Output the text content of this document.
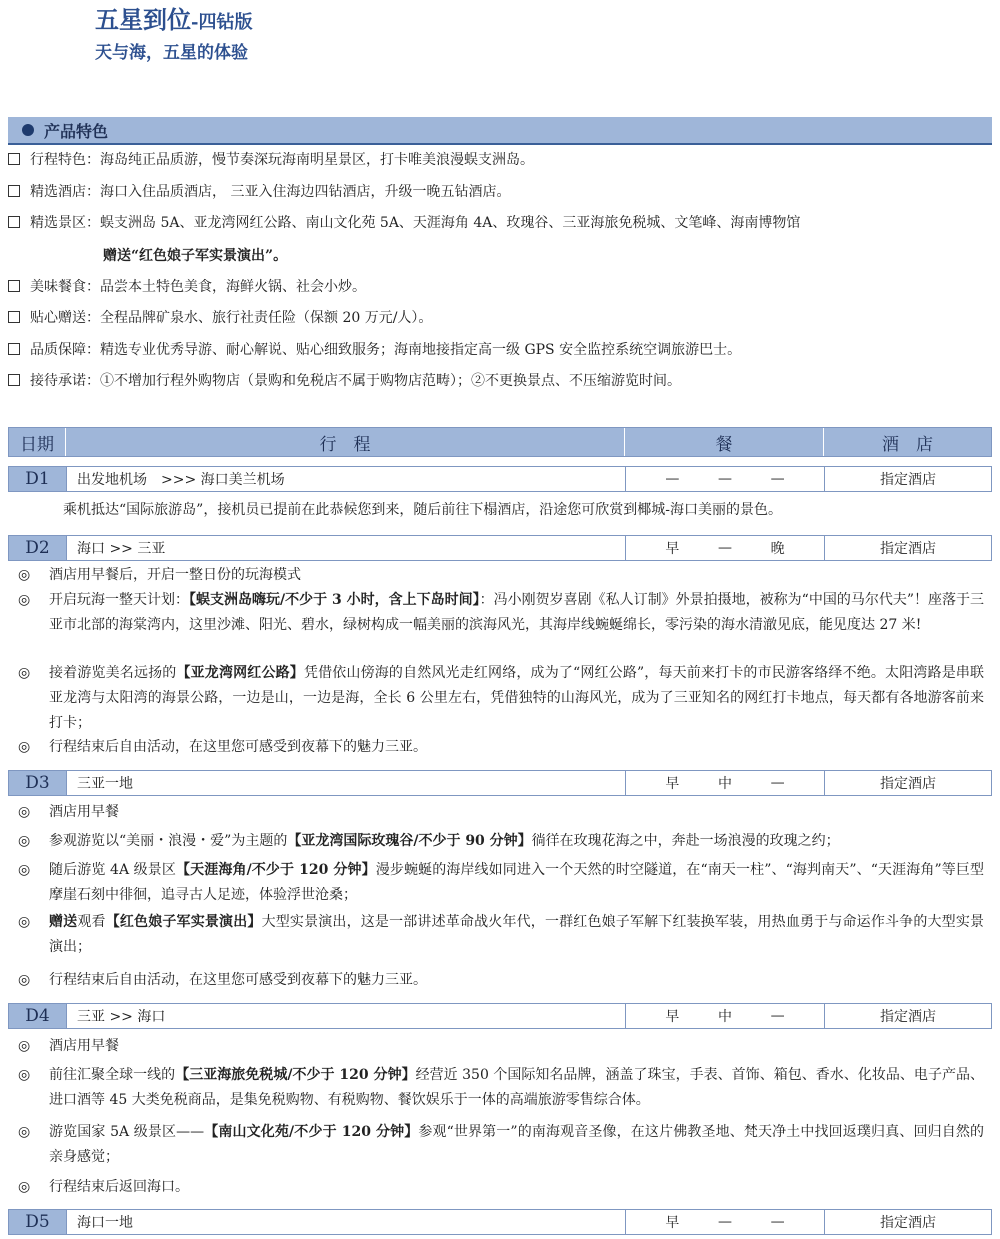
五星到位-四钻版
天与海，五星的体验
产品特色
行程特色：海岛纯正品质游，慢节奏深玩海南明星景区，打卡唯美浪漫蜈支洲岛。
精选酒店：海口入住品质酒店， 三亚入住海边四钻酒店，升级一晚五钻酒店。
精选景区：蜈支洲岛 5A、亚龙湾网红公路、南山文化苑 5A、天涯海角 4A、玫瑰谷、三亚海旅免税城、文笔峰、海南博物馆
赠送“红色娘子军实景演出”。
美味餐食：品尝本土特色美食，海鲜火锅、社会小炒。
贴心赠送：全程品牌矿泉水、旅行社责任险（保额 20 万元/人）。
品质保障：精选专业优秀导游、耐心解说、贴心细致服务；海南地接指定高一级 GPS 安全监控系统空调旅游巴士。
接待承诺：①不增加行程外购物店（景购和免税店不属于购物店范畴）；②不更换景点、不压缩游览时间。
日期	行　程	餐	酒　店
D1	出发地机场　>>> 海口美兰机场	—	—	—	指定酒店
乘机抵达“国际旅游岛”，接机员已提前在此恭候您到来，随后前往下榻酒店，沿途您可欣赏到椰城-海口美丽的景色。
D2	海口 >> 三亚	早	—	晚	指定酒店
◎ 酒店用早餐后，开启一整日份的玩海模式
◎ 开启玩海一整天计划：【蜈支洲岛嗨玩/不少于 3 小时，含上下岛时间】：冯小刚贺岁喜剧《私人订制》外景拍摄地，被称为“中国的马尔代夫”！座落于三亚市北部的海棠湾内，这里沙滩、阳光、碧水，绿树构成一幅美丽的滨海风光，其海岸线蜿蜒绵长，零污染的海水清澈见底，能见度达 27 米!
◎ 接着游览美名远扬的【亚龙湾网红公路】凭借依山傍海的自然风光走红网络，成为了“网红公路”，每天前来打卡的市民游客络绎不绝。太阳湾路是串联亚龙湾与太阳湾的海景公路，一边是山，一边是海，全长 6 公里左右，凭借独特的山海风光，成为了三亚知名的网红打卡地点，每天都有各地游客前来打卡；
◎ 行程结束后自由活动，在这里您可感受到夜幕下的魅力三亚。
D3	三亚一地	早	中	—	指定酒店
◎ 酒店用早餐
◎ 参观游览以“美丽・浪漫・爱”为主题的【亚龙湾国际玫瑰谷/不少于 90 分钟】徜徉在玫瑰花海之中，奔赴一场浪漫的玫瑰之约；
◎ 随后游览 4A 级景区【天涯海角/不少于 120 分钟】漫步蜿蜒的海岸线如同进入一个天然的时空隧道，在“南天一柱”、“海判南天”、“天涯海角”等巨型摩崖石刻中徘徊，追寻古人足迹，体验浮世沧桑；
◎ 赠送观看【红色娘子军实景演出】大型实景演出，这是一部讲述革命战火年代，一群红色娘子军解下红装换军装，用热血勇于与命运作斗争的大型实景演出；
◎ 行程结束后自由活动，在这里您可感受到夜幕下的魅力三亚。
D4	三亚 >> 海口	早	中	—	指定酒店
◎ 酒店用早餐
◎ 前往汇聚全球一线的【三亚海旅免税城/不少于 120 分钟】经营近 350 个国际知名品牌，涵盖了珠宝，手表、首饰、箱包、香水、化妆品、电子产品、进口酒等 45 大类免税商品，是集免税购物、有税购物、餐饮娱乐于一体的高端旅游零售综合体。
◎ 游览国家 5A 级景区——【南山文化苑/不少于 120 分钟】参观“世界第一”的南海观音圣像，在这片佛教圣地、梵天净土中找回返璞归真、回归自然的亲身感觉；
◎ 行程结束后返回海口。
D5	海口一地	早	—	—	指定酒店
